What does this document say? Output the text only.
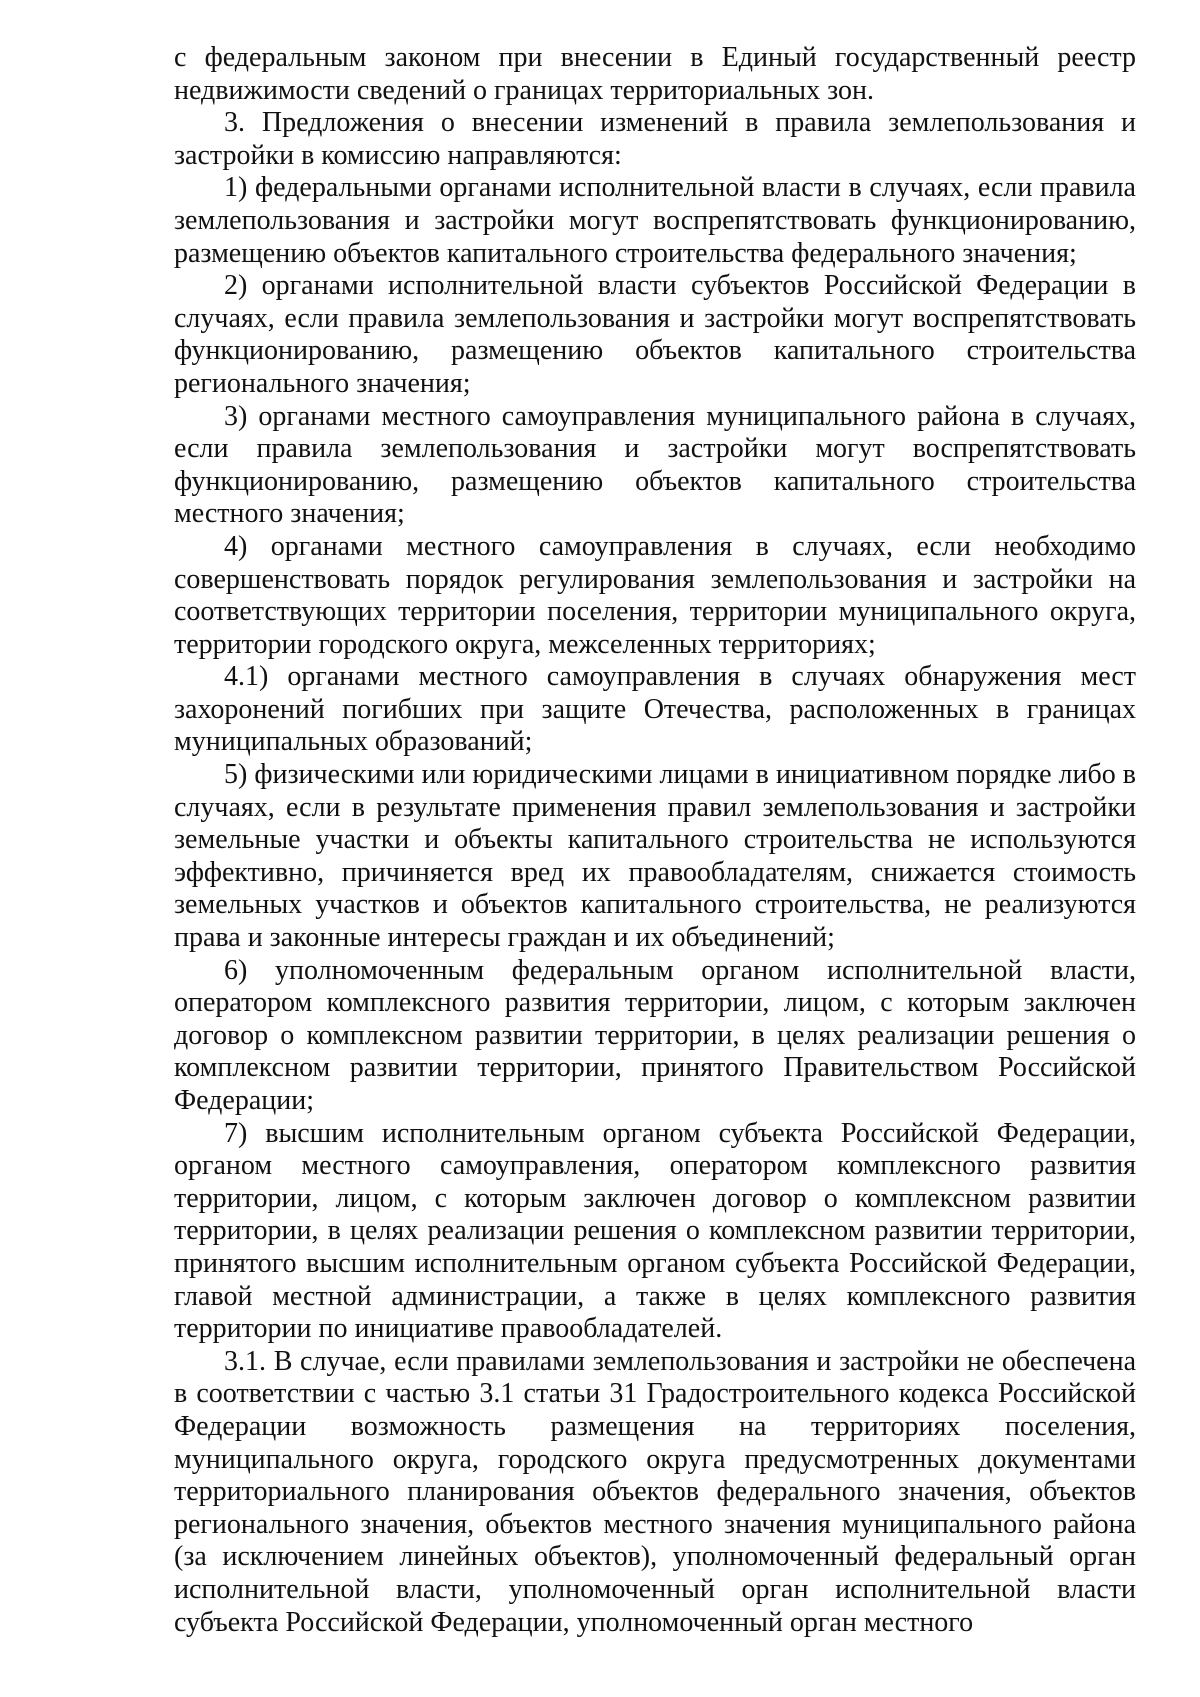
с федеральным законом при внесении в Единый государственный реестр недвижимости сведений о границах территориальных зон.

3. Предложения о внесении изменений в правила землепользования и застройки в комиссию направляются:

1) федеральными органами исполнительной власти в случаях, если правила землепользования и застройки могут воспрепятствовать функционированию, размещению объектов капитального строительства федерального значения;

2) органами исполнительной власти субъектов Российской Федерации в случаях, если правила землепользования и застройки могут воспрепятствовать функционированию, размещению объектов капитального строительства регионального значения;

3) органами местного самоуправления муниципального района в случаях, если правила землепользования и застройки могут воспрепятствовать функционированию, размещению объектов капитального строительства местного значения;

4) органами местного самоуправления в случаях, если необходимо совершенствовать порядок регулирования землепользования и застройки на соответствующих территории поселения, территории муниципального округа, территории городского округа, межселенных территориях;

4.1) органами местного самоуправления в случаях обнаружения мест захоронений погибших при защите Отечества, расположенных в границах муниципальных образований;

5) физическими или юридическими лицами в инициативном порядке либо в случаях, если в результате применения правил землепользования и застройки земельные участки и объекты капитального строительства не используются эффективно, причиняется вред их правообладателям, снижается стоимость земельных участков и объектов капитального строительства, не реализуются права и законные интересы граждан и их объединений;

6) уполномоченным федеральным органом исполнительной власти, оператором комплексного развития территории, лицом, с которым заключен договор о комплексном развитии территории, в целях реализации решения о комплексном развитии территории, принятого Правительством Российской Федерации;

7) высшим исполнительным органом субъекта Российской Федерации, органом местного самоуправления, оператором комплексного развития территории, лицом, с которым заключен договор о комплексном развитии территории, в целях реализации решения о комплексном развитии территории, принятого высшим исполнительным органом субъекта Российской Федерации, главой местной администрации, а также в целях комплексного развития территории по инициативе правообладателей.

3.1. В случае, если правилами землепользования и застройки не обеспечена в соответствии с частью 3.1 статьи 31 Градостроительного кодекса Российской Федерации возможность размещения на территориях поселения, муниципального округа, городского округа предусмотренных документами территориального планирования объектов федерального значения, объектов регионального значения, объектов местного значения муниципального района (за исключением линейных объектов), уполномоченный федеральный орган исполнительной власти, уполномоченный орган исполнительной власти субъекта Российской Федерации, уполномоченный орган местного
